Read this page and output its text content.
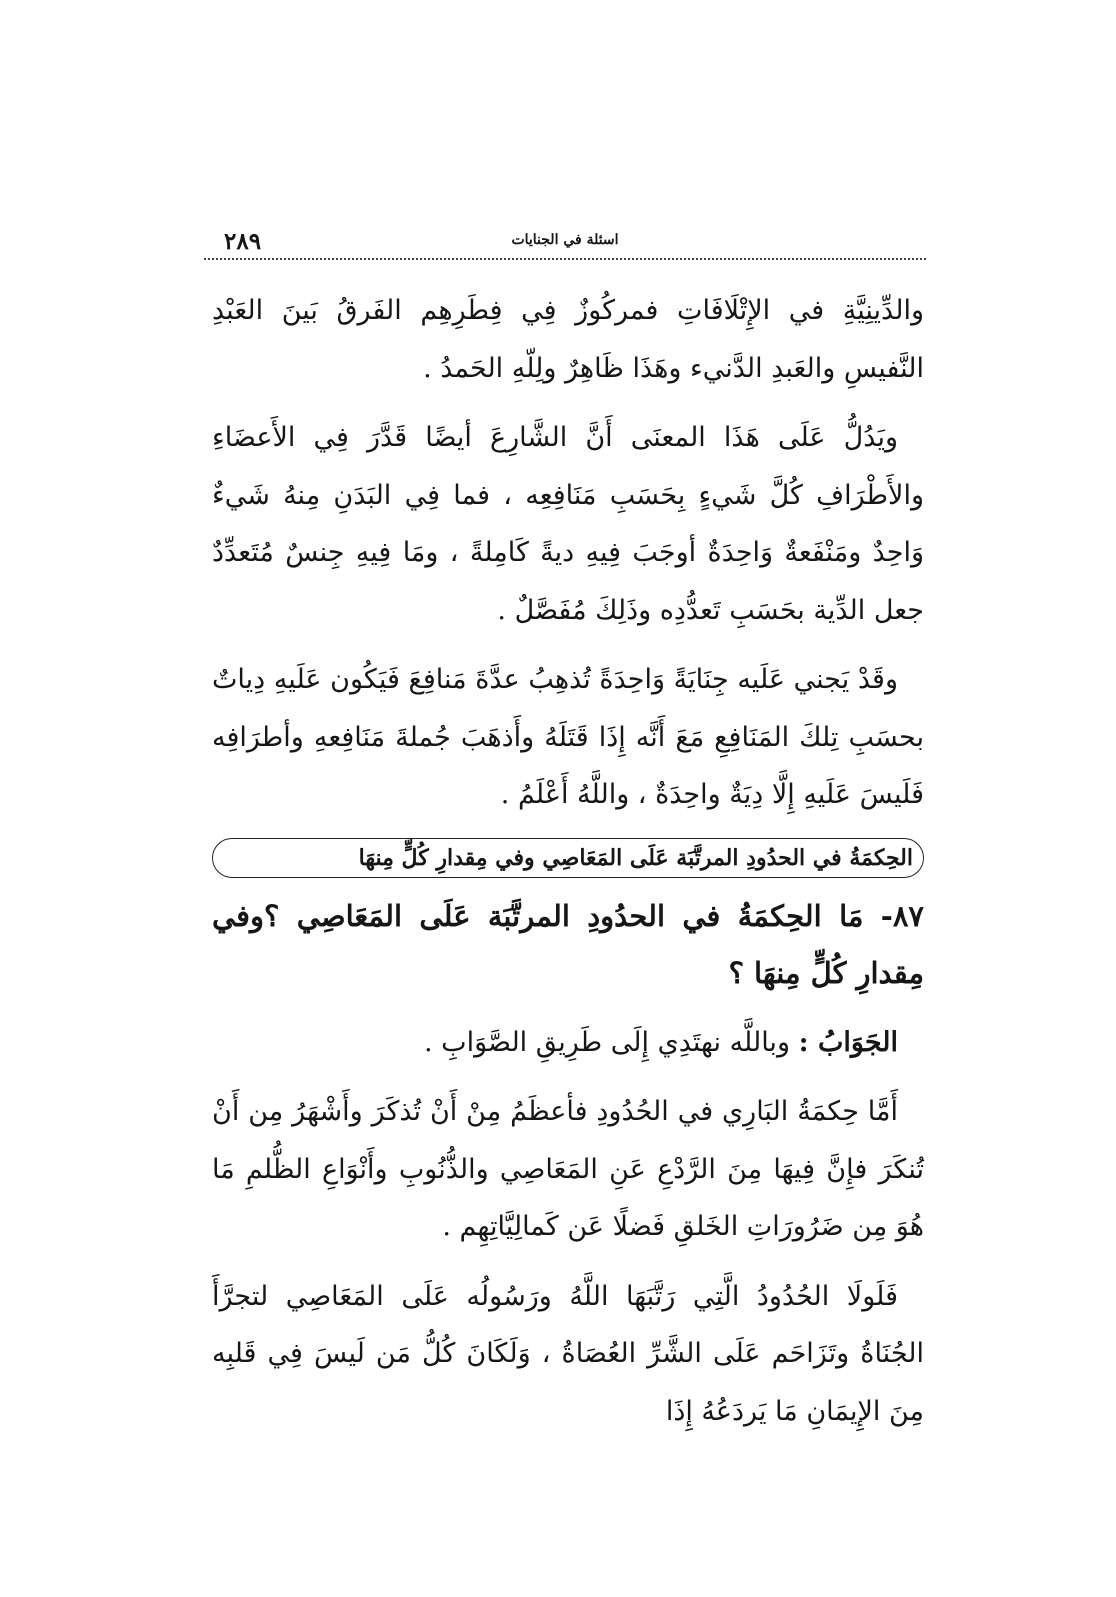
٢٨٩	اسئلة في الجنايات

والدِّينِيَّةِ في الإِتْلَافَاتِ فمركُوزٌ فِي فِطَرِهِم الفَرقُ بَينَ العَبْدِ النَّفيسِ والعَبدِ الدَّنيء وهَذَا ظَاهِرٌ ولِلّهِ الحَمدُ .

ويَدُلُّ عَلَى هَذَا المعنَى أَنَّ الشَّارِعَ أيضًا قَدَّرَ فِي الأَعضَاءِ والأَطْرَافِ كُلَّ شَيءٍ بِحَسَبِ مَنَافِعِه ، فما فِي البَدَنِ مِنهُ شَيءٌ وَاحِدٌ ومَنْفَعةٌ وَاحِدَةٌ أوجَبَ فِيهِ ديةً كَامِلةً ، ومَا فِيهِ جِنسٌ مُتَعدِّدٌ جعل الدِّية بحَسَبِ تَعدُّدِه وذَلِكَ مُفَصَّلٌ .

وقَدْ يَجني عَلَيه جِنَايَةً وَاحِدَةً تُذهِبُ عدَّةَ مَنافِعَ فَيَكُون عَلَيهِ دِياتٌ بحسَبِ تِلكَ المَنَافِعِ مَعَ أَنَّه إِذَا قَتَلَهُ وأَذهَبَ جُملةَ مَنَافِعهِ وأطرَافِه فَلَيسَ عَلَيهِ إِلَّا دِيَةٌ واحِدَةٌ ، واللَّهُ أَعْلَمُ .

الحِكمَةُ في الحدُودِ المرتَّبَة عَلَى المَعَاصِي وفي مِقدارِ كُلٍّ مِنهَا

٨٧- مَا الحِكمَةُ في الحدُودِ المرتَّبَة عَلَى المَعَاصِي ؟وفي مِقدارِ كُلٍّ مِنهَا ؟

الجَوَابُ : وباللَّه نهتَدِي إِلَى طَرِيقِ الصَّوَابِ .

أَمَّا حِكمَةُ البَارِي في الحُدُودِ فأعظَمُ مِنْ أَنْ تُذكَرَ وأَشْهَرُ مِن أَنْ تُنكَرَ فإِنَّ فِيهَا مِنَ الرَّدْعِ عَنِ المَعَاصِي والذُّنُوبِ وأَنْوَاعِ الظُّلمِ مَا هُوَ مِن ضَرُورَاتِ الخَلقِ فَضلًا عَن كَمالِيَّاتِهِم .

فَلَولَا الحُدُودُ الَّتِي رَتَّبَهَا اللَّهُ ورَسُولُه عَلَى المَعَاصِي لتجرَّأَ الجُنَاةُ وتَزَاحَم عَلَى الشَّرِّ العُصَاةُ ، وَلَكَانَ كُلُّ مَن لَيسَ فِي قَلبِه مِنَ الإِيمَانِ مَا يَردَعُهُ إِذَا
